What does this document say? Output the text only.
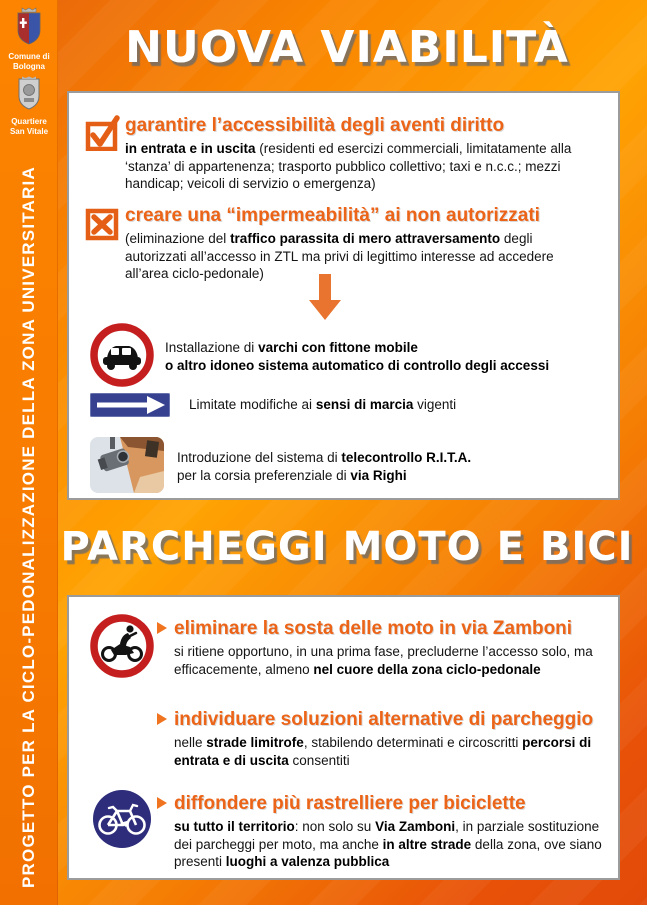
Comune di Bologna
Quartiere San Vitale
PROGETTO PER LA CICLO-PEDONALIZZAZIONE DELLA ZONA UNIVERSITARIA
NUOVA VIABILITÀ
garantire l’accessibilità degli aventi diritto
in entrata e in uscita (residenti ed esercizi commerciali, limitatamente alla ‘stanza’ di appartenenza; trasporto pubblico collettivo; taxi e n.c.c.; mezzi handicap; veicoli di servizio o emergenza)
creare una “impermeabilità” ai non autorizzati
(eliminazione del traffico parassita di mero attraversamento degli autorizzati all’accesso in ZTL ma privi di legittimo interesse ad accedere all’area ciclo-pedonale)
Installazione di varchi con fittone mobile
o altro idoneo sistema automatico di controllo degli accessi
Limitate modifiche ai sensi di marcia vigenti
Introduzione del sistema di telecontrollo R.I.T.A.
per la corsia preferenziale di via Righi
PARCHEGGI MOTO E BICI
eliminare la sosta delle moto in via Zamboni
si ritiene opportuno, in una prima fase, precluderne l’accesso solo, ma efficacemente, almeno nel cuore della zona ciclo-pedonale
individuare soluzioni alternative di parcheggio
nelle strade limitrofe, stabilendo determinati e circoscritti percorsi di entrata e di uscita consentiti
diffondere più rastrelliere per biciclette
su tutto il territorio: non solo su Via Zamboni, in parziale sostituzione dei parcheggi per moto, ma anche in altre strade della zona, ove siano presenti luoghi a valenza pubblica
